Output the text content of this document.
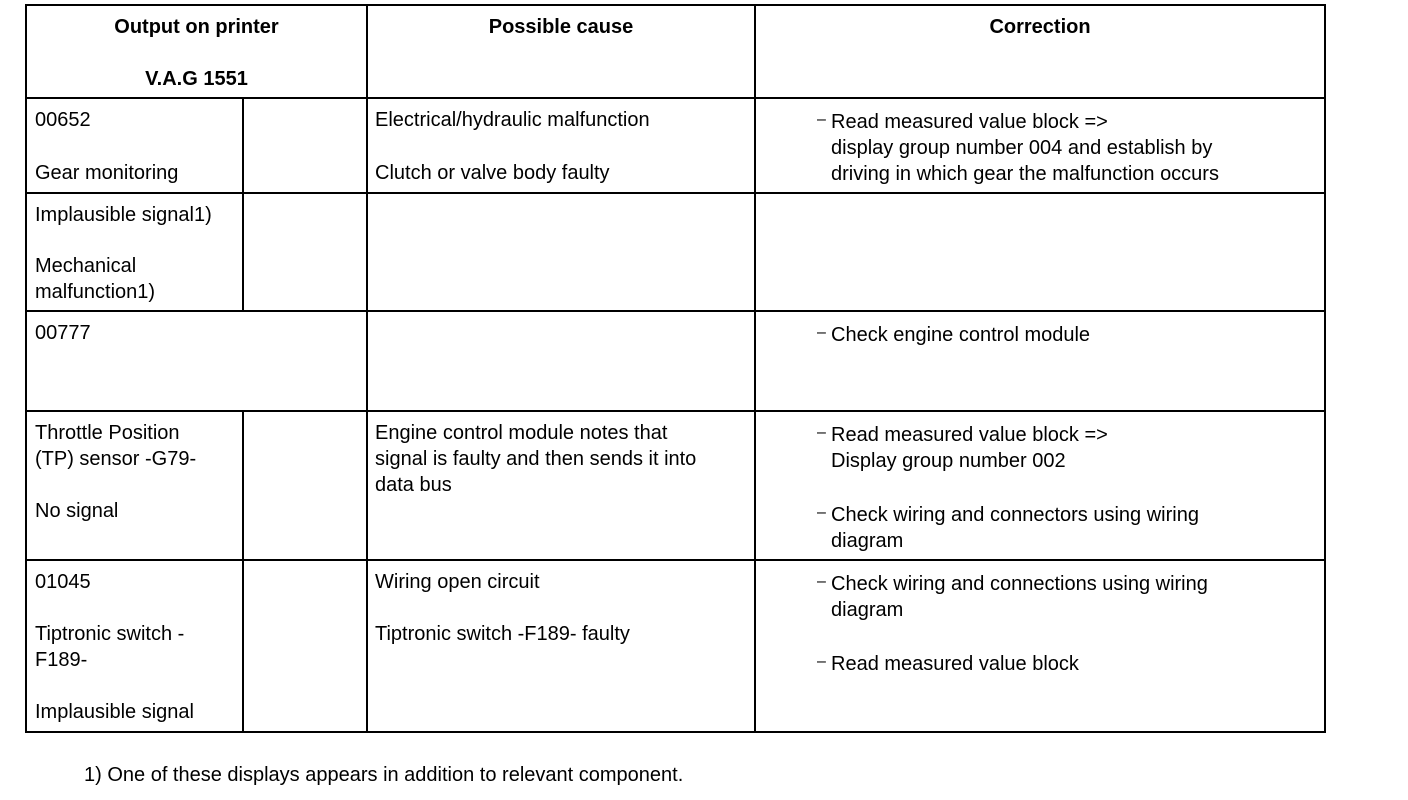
Output on printer

V.A.G 1551

Possible cause	Correction

00652

Gear monitoring

Electrical/hydraulic malfunction

Clutch or valve body faulty

– Read measured value block =>
display group number 004 and establish by
driving in which gear the malfunction occurs

Implausible signal1)

Mechanical
malfunction1)

00777	– Check engine control module

Throttle Position
(TP) sensor -G79-

No signal

Engine control module notes that
signal is faulty and then sends it into
data bus

– Read measured value block =>
Display group number 002
– Check wiring and connectors using wiring
diagram

01045

Tiptronic switch -
F189-

Implausible signal

Wiring open circuit

Tiptronic switch -F189- faulty

– Check wiring and connections using wiring
diagram
– Read measured value block

1) One of these displays appears in addition to relevant component.
